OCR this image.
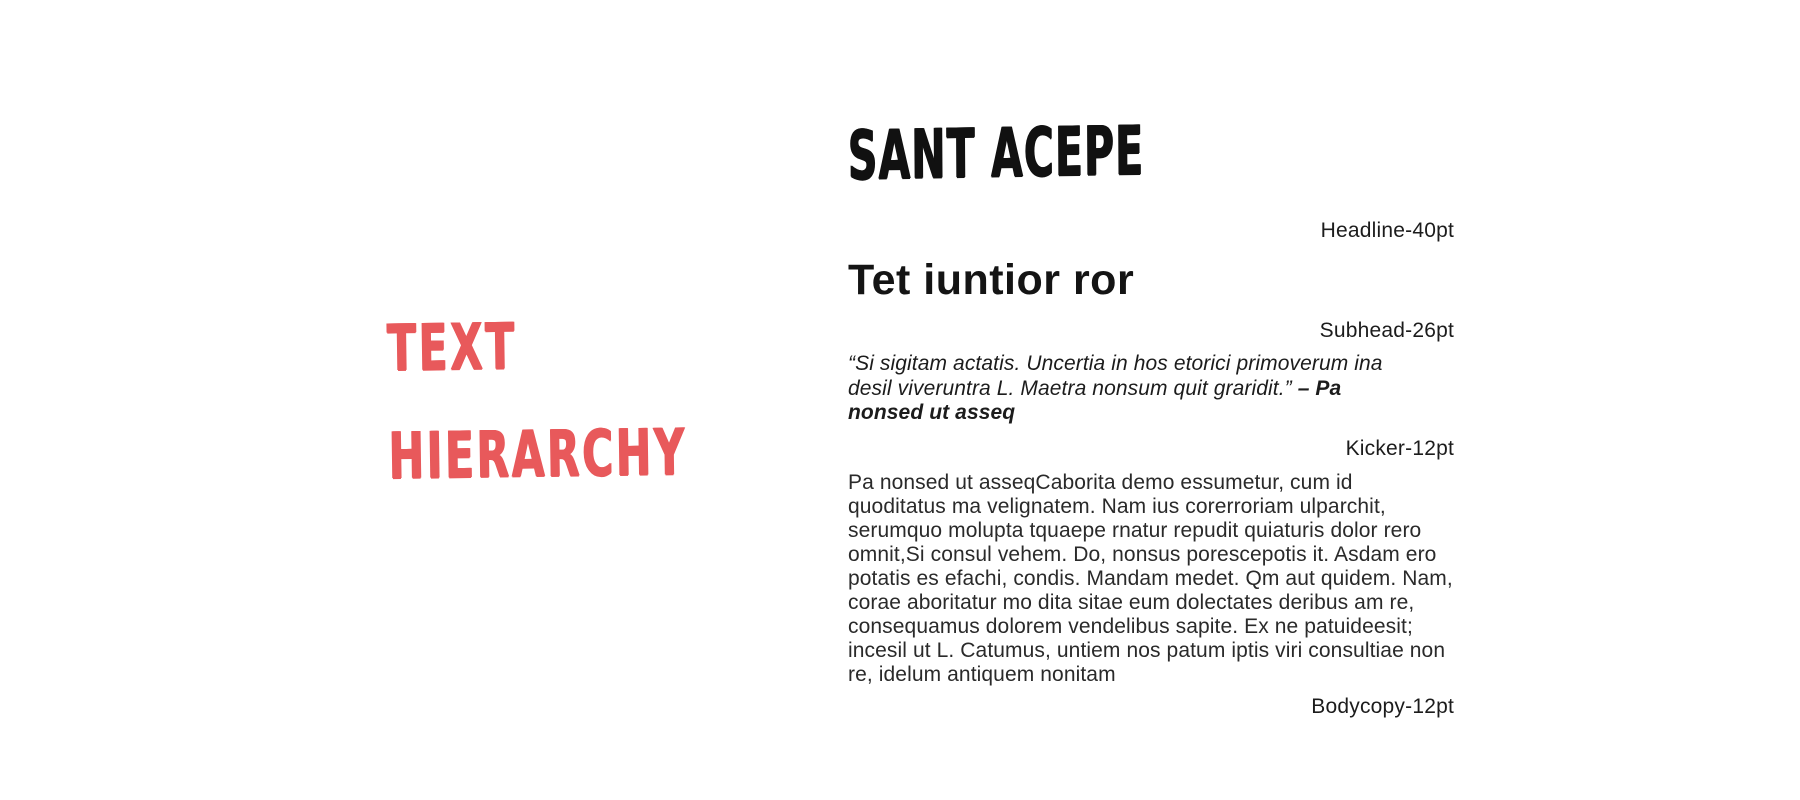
TEXT
HIERARCHY
SANT ACEPE
Headline-40pt
Tet iuntior ror
Subhead-26pt
“Si sigitam actatis. Uncertia in hos etorici primoverum ina desil viveruntra L. Maetra nonsum quit graridit.” – Pa nonsed ut asseq
Kicker-12pt
Pa nonsed ut asseqCaborita demo essumetur, cum id quoditatus ma velignatem. Nam ius corerroriam ulparchit, serumquo molupta tquaepe rnatur repudit quiaturis dolor rero omnit,Si consul vehem. Do, nonsus porescepotis it. Asdam ero potatis es efachi, condis. Mandam medet. Qm aut quidem. Nam, corae aboritatur mo dita sitae eum dolectates deribus am re, consequamus dolorem vendelibus sapite. Ex ne patuideesit; incesil ut L. Catumus, untiem nos patum iptis viri consultiae non re, idelum antiquem nonitam
Bodycopy-12pt
